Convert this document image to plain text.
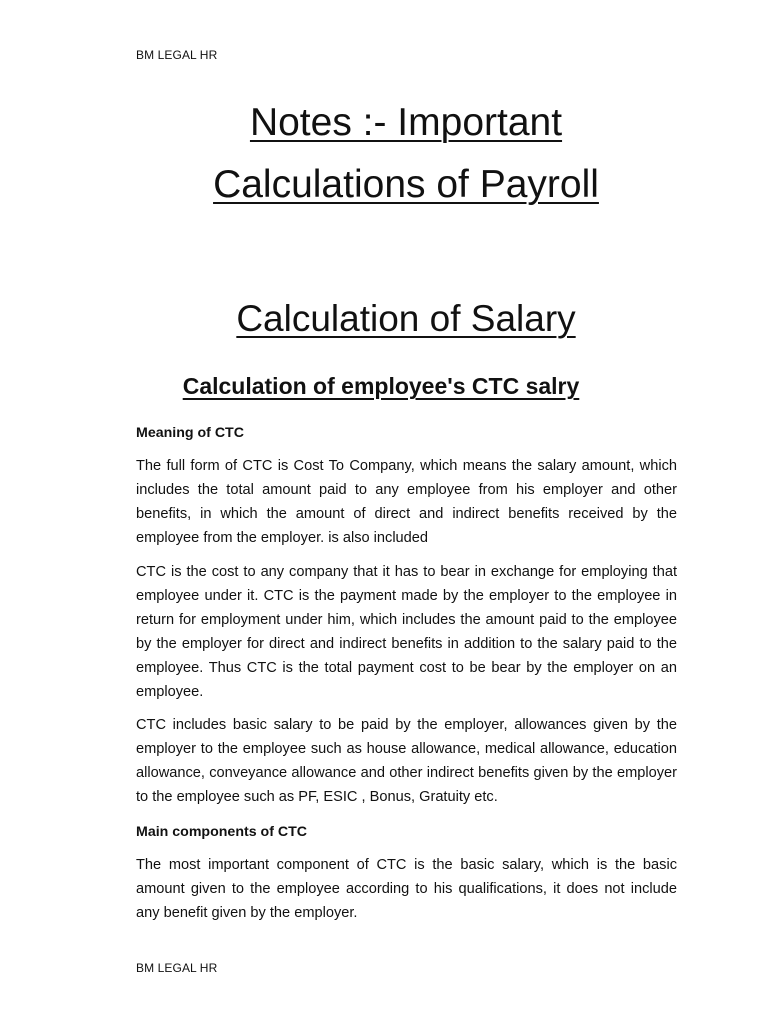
BM LEGAL HR
Notes :- Important
Calculations of Payroll
Calculation of Salary
Calculation of employee's CTC salry

Meaning of CTC

The full form of CTC is Cost To Company, which means the salary amount, which includes the total amount paid to any employee from his employer and other benefits, in which the amount of direct and indirect benefits received by the employee from the employer. is also included

CTC is the cost to any company that it has to bear in exchange for employing that employee under it. CTC is the payment made by the employer to the employee in return for employment under him, which includes the amount paid to the employee by the employer for direct and indirect benefits in addition to the salary paid to the employee. Thus CTC is the total payment cost to be bear by the employer on an employee.

CTC includes basic salary to be paid by the employer, allowances given by the employer to the employee such as house allowance, medical allowance, education allowance, conveyance allowance and other indirect benefits given by the employer to the employee such as PF, ESIC , Bonus, Gratuity etc.

Main components of CTC

The most important component of CTC is the basic salary, which is the basic amount given to the employee according to his qualifications, it does not include any benefit given by the employer.

BM LEGAL HR
